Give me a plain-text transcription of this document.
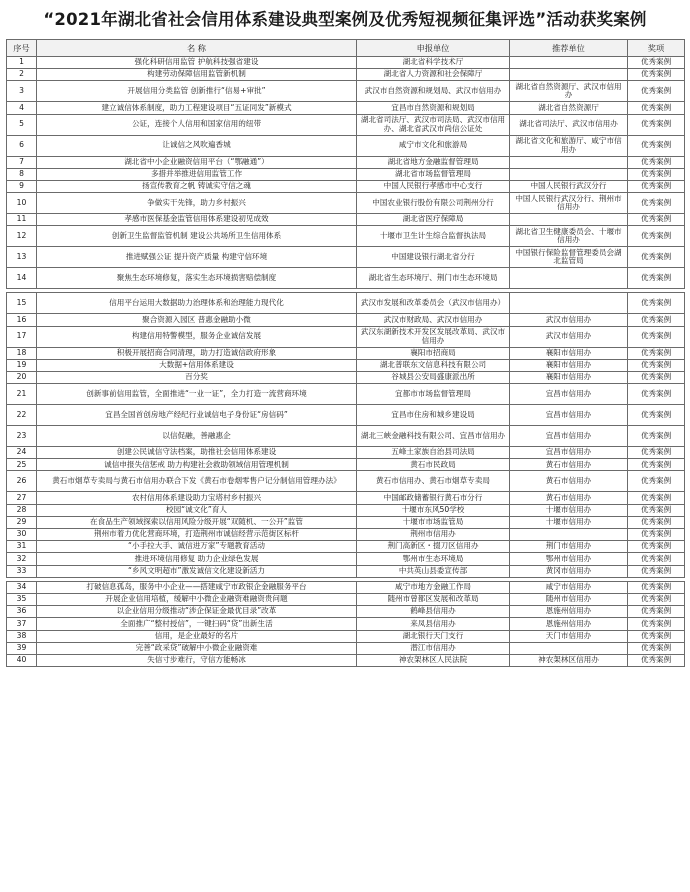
“2021年湖北省社会信用体系建设典型案例及优秀短视频征集评选”活动获奖案例
序号	名 称	申报单位	推荐单位	奖项
1	强化科研信用监管 护航科技强省建设	湖北省科学技术厅		优秀案例
2	构建劳动保障信用监管新机制	湖北省人力资源和社会保障厅		优秀案例
3	开展信用分类监管 创新推行“信易+审批”	武汉市自然资源和规划局、武汉市信用办	湖北省自然资源厅、武汉市信用办	优秀案例
4	建立诚信体系制度，助力工程建设项目“五证同发”新模式	宜昌市自然资源和规划局	湖北省自然资源厅	优秀案例
5	公证，连接个人信用和国家信用的纽带	湖北省司法厅、武汉市司法局、武汉市信用办、湖北省武汉市尚信公证处	湖北省司法厅、武汉市信用办	优秀案例
6	让诚信之风吹遍香城	咸宁市文化和旅游局	湖北省文化和旅游厅、咸宁市信用办	优秀案例
7	湖北省中小企业融资信用平台（“鄂融通”）	湖北省地方金融监督管理局		优秀案例
8	多措并举推进信用监管工作	湖北省市场监督管理局		优秀案例
9	扬宣传教育之帆 铸诚实守信之魂	中国人民银行孝感市中心支行	中国人民银行武汉分行	优秀案例
10	争做实干先锋，助力乡村振兴	中国农业银行股份有限公司荆州分行	中国人民银行武汉分行、荆州市信用办	优秀案例
11	孝感市医保基金监管信用体系建设初见成效	湖北省医疗保障局		优秀案例
12	创新卫生监督监管机制 建设公共场所卫生信用体系	十堰市卫生计生综合监督执法局	湖北省卫生健康委员会、十堰市信用办	优秀案例
13	推进赋强公证 提升资产质量 构建守信环境	中国建设银行湖北省分行	中国银行保险监督管理委员会湖北监管局	优秀案例
14	聚焦生态环境修复，落实生态环境损害赔偿制度	湖北省生态环境厅、荆门市生态环境局		优秀案例

15	信用平台运用大数据助力治理体系和治理能力现代化	武汉市发展和改革委员会（武汉市信用办）		优秀案例
16	聚合资源入园区 普惠金融助小微	武汉市财政局、武汉市信用办	武汉市信用办	优秀案例
17	构建信用特警模型，服务企业诚信发展	武汉东湖新技术开发区发展改革局、武汉市信用办	武汉市信用办	优秀案例
18	积极开展招商合同清理，助力打造诚信政府形象	襄阳市招商局	襄阳市信用办	优秀案例
19	大数据+信用体系建设	湖北普联东文信息科技有限公司	襄阳市信用办	优秀案例
20	百分奖	谷城县公安局盛康派出所	襄阳市信用办	优秀案例
21	创新事前信用监管，全面推进“一业一证”，全力打造一流营商环境	宜都市市场监督管理局	宜昌市信用办	优秀案例
22	宜昌全国首创房地产经纪行业诚信电子身份证“房信码”	宜昌市住房和城乡建设局	宜昌市信用办	优秀案例
23	以信促融，善融惠企	湖北三峡金融科技有限公司、宜昌市信用办	宜昌市信用办	优秀案例
24	创建公民诚信守法档案，助推社会信用体系建设	五峰土家族自治县司法局	宜昌市信用办	优秀案例
25	诚信申报失信惩戒 助力构建社会救助领域信用管理机制	黄石市民政局	黄石市信用办	优秀案例
26	黄石市烟草专卖局与黄石市信用办联合下发《黄石市卷烟零售户记分制信用管理办法》	黄石市信用办、黄石市烟草专卖局	黄石市信用办	优秀案例
27	农村信用体系建设助力宝塔村乡村振兴	中国邮政储蓄银行黄石市分行	黄石市信用办	优秀案例
28	校园“诚文化”育人	十堰市东风50学校	十堰市信用办	优秀案例
29	在食品生产领域探索以信用风险分级开展“双随机、一公开”监管	十堰市市场监管局	十堰市信用办	优秀案例
30	荆州市着力优化营商环境，打造荆州市诚信经营示范街区标杆	荆州市信用办		优秀案例
31	“小手拉大手、诚信进万家”专题教育活动	荆门高新区・掇刀区信用办	荆门市信用办	优秀案例
32	推进环境信用修复 助力企业绿色发展	鄂州市生态环境局	鄂州市信用办	优秀案例
33	“乡风文明超市”激发诚信文化建设新活力	中共英山县委宣传部	黄冈市信用办	优秀案例

34	打破信息孤岛，服务中小企业——搭建咸宁市政银企金融服务平台	咸宁市地方金融工作局	咸宁市信用办	优秀案例
35	开展企业信用培植，缓解中小微企业融资难融资贵问题	随州市曾都区发展和改革局	随州市信用办	优秀案例
36	以企业信用分级推动“涉企保证金最优目录”改革	鹤峰县信用办	恩施州信用办	优秀案例
37	全面推广“整村授信”，一键扫码“贷”出新生活	来凤县信用办	恩施州信用办	优秀案例
38	信用，是企业最好的名片	湖北银行天门支行	天门市信用办	优秀案例
39	完善“政采贷”破解中小微企业融资难	潜江市信用办		优秀案例
40	失信寸步难行，守信方能畅冰	神农架林区人民法院	神农架林区信用办	优秀案例
